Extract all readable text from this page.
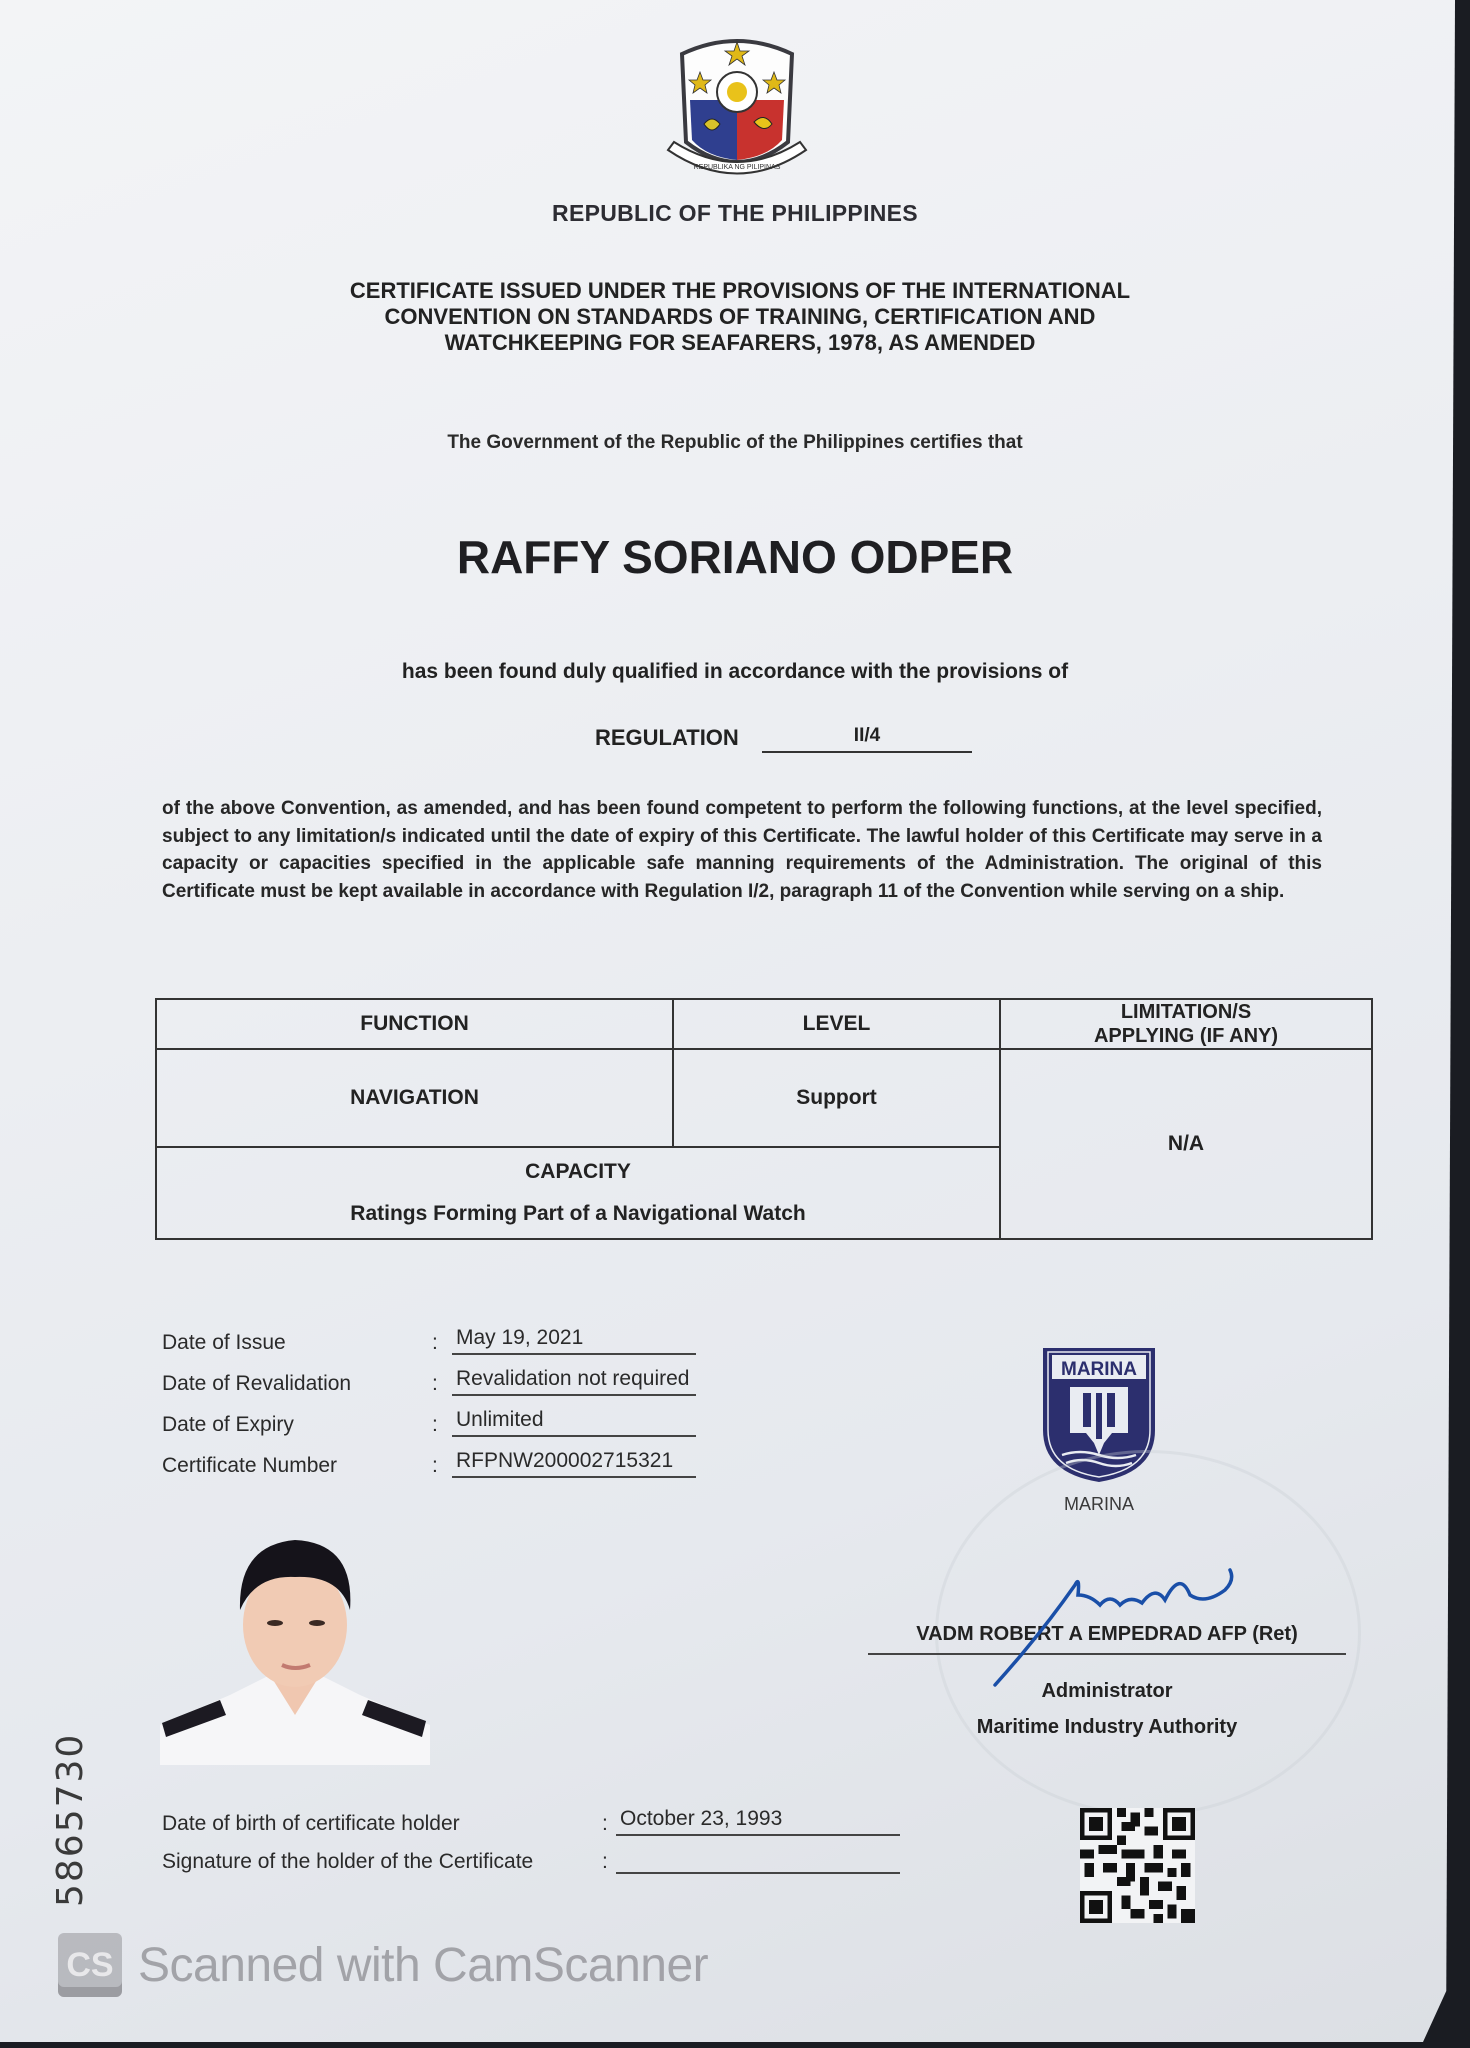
REPUBLIKA NG PILIPINAS
REPUBLIC OF THE PHILIPPINES
CERTIFICATE ISSUED UNDER THE PROVISIONS OF THE INTERNATIONAL
CONVENTION ON STANDARDS OF TRAINING, CERTIFICATION AND
WATCHKEEPING FOR SEAFARERS, 1978, AS AMENDED
The Government of the Republic of the Philippines certifies that
RAFFY SORIANO ODPER
has been found duly qualified in accordance with the provisions of
REGULATION	II/4
of the above Convention, as amended, and has been found competent to perform the following functions, at the level specified, subject to any limitation/s indicated until the date of expiry of this Certificate. The lawful holder of this Certificate may serve in a capacity or capacities specified in the applicable safe manning requirements of the Administration. The original of this Certificate must be kept available in accordance with Regulation I/2, paragraph 11 of the Convention while serving on a ship.
FUNCTION	LEVEL	LIMITATION/S
APPLYING (IF ANY)

NAVIGATION	Support	N/A

CAPACITY
Ratings Forming Part of a Navigational Watch		
Date of Issue	: May 19, 2021
Date of Revalidation	: Revalidation not required
Date of Expiry	: Unlimited
Certificate Number	: RFPNW200002715321
MARINA
MARINA
VADM ROBERT A EMPEDRAD AFP (Ret)
Administrator
Maritime Industry Authority
Date of birth of certificate holder	: October 23, 1993
Signature of the holder of the Certificate	:
5865730
CS Scanned with CamScanner
